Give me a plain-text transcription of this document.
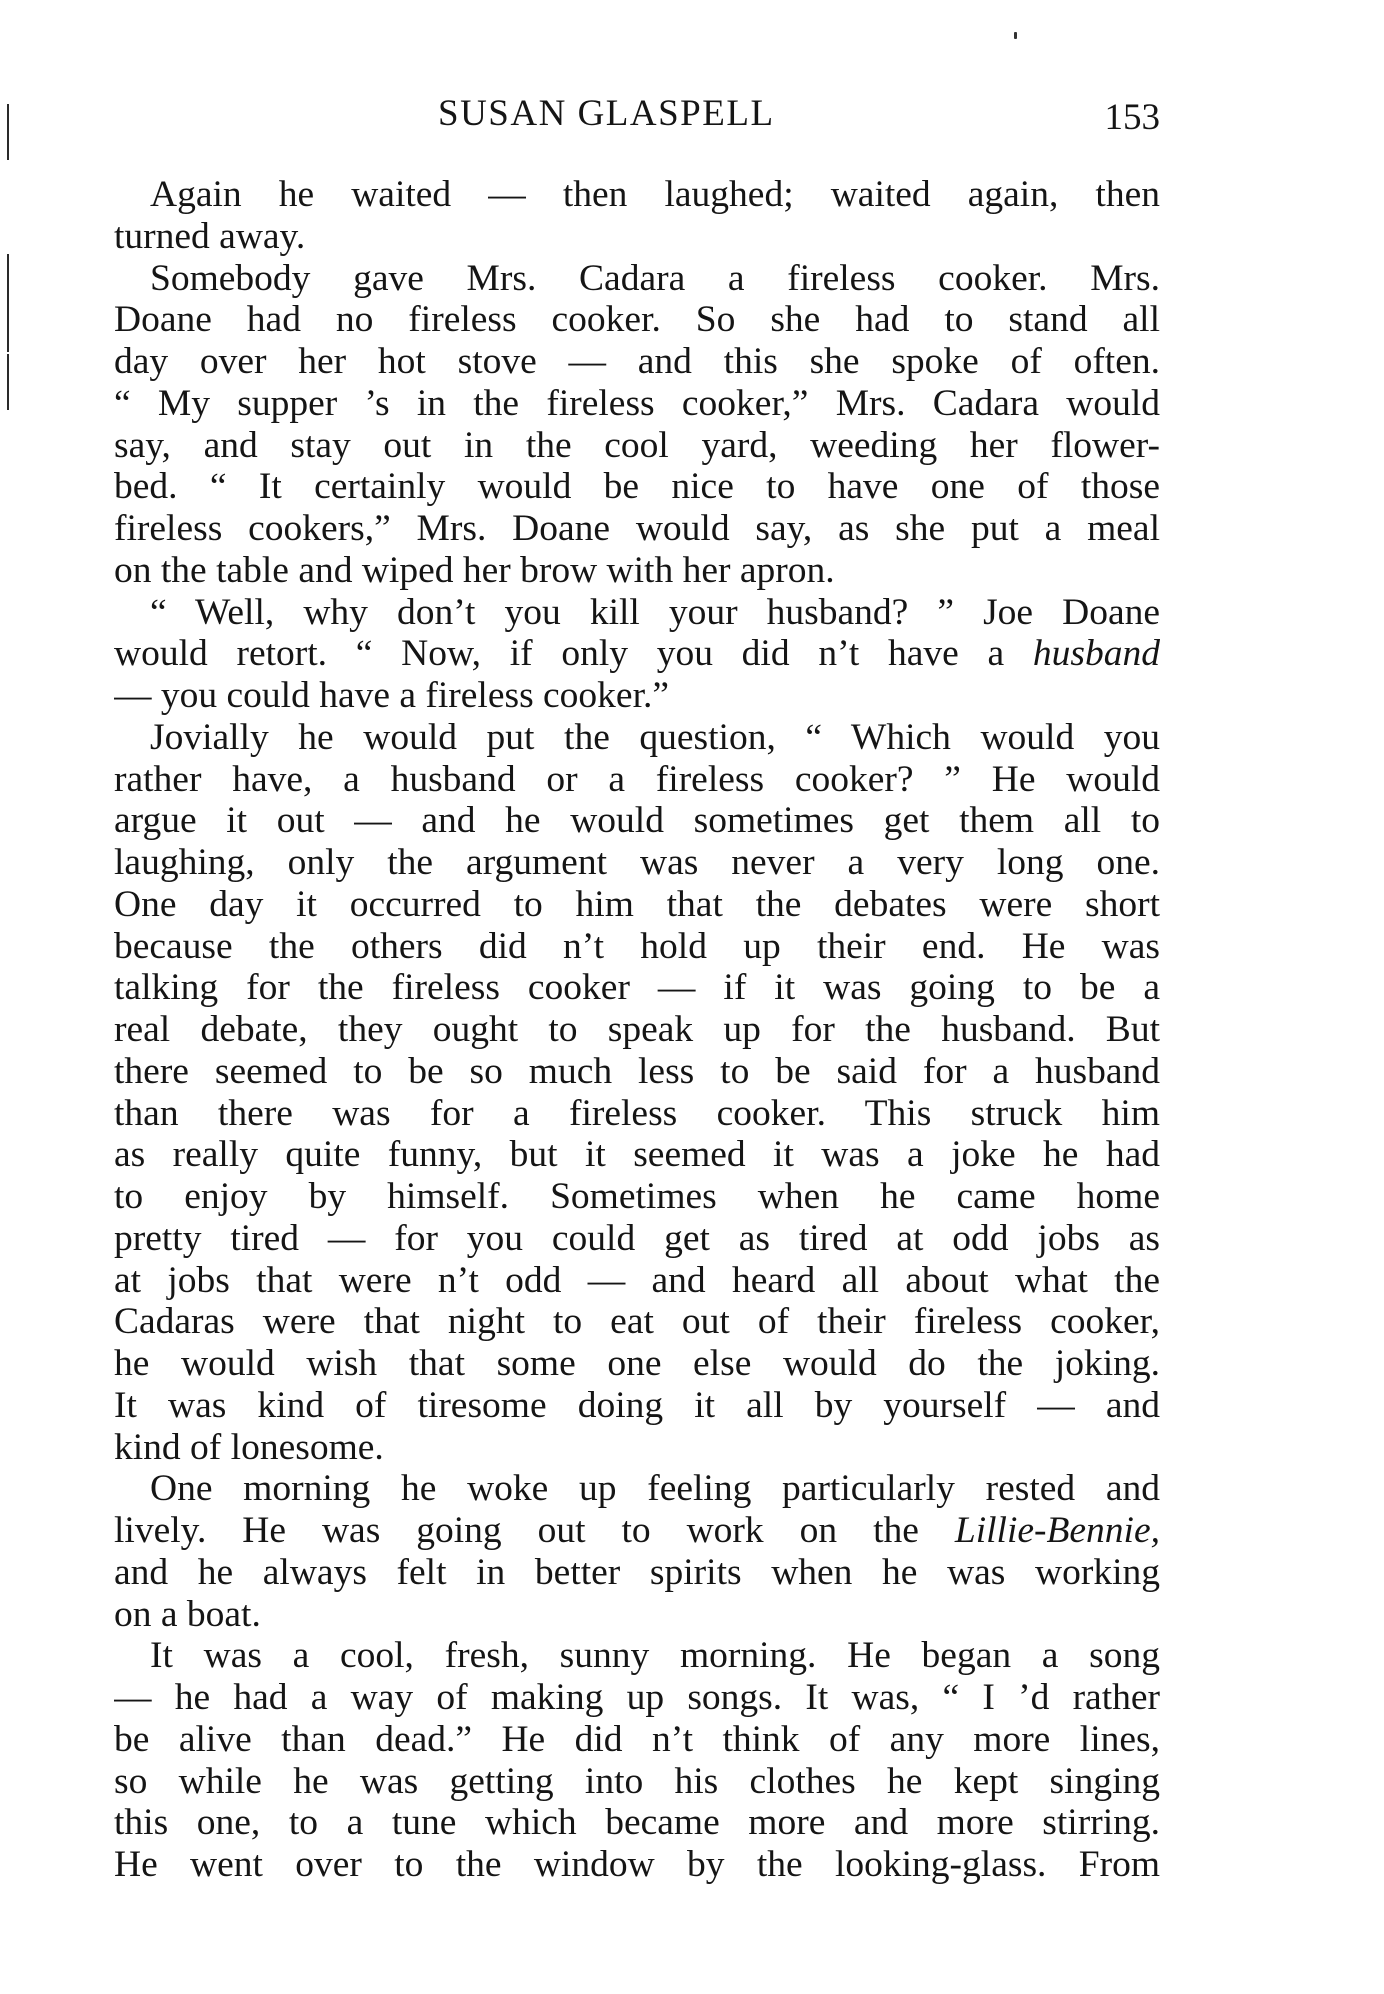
SUSAN GLASPELL	153
Again he waited — then laughed; waited again, then
turned away.
Somebody gave Mrs. Cadara a fireless cooker. Mrs.
Doane had no fireless cooker. So she had to stand all
day over her hot stove — and this she spoke of often.
“ My supper ’s in the fireless cooker,” Mrs. Cadara would
say, and stay out in the cool yard, weeding her flower-
bed. “ It certainly would be nice to have one of those
fireless cookers,” Mrs. Doane would say, as she put a meal
on the table and wiped her brow with her apron.
“ Well, why don’t you kill your husband? ” Joe Doane
would retort. “ Now, if only you did n’t have a husband
— you could have a fireless cooker.”
Jovially he would put the question, “ Which would you
rather have, a husband or a fireless cooker? ” He would
argue it out — and he would sometimes get them all to
laughing, only the argument was never a very long one.
One day it occurred to him that the debates were short
because the others did n’t hold up their end. He was
talking for the fireless cooker — if it was going to be a
real debate, they ought to speak up for the husband. But
there seemed to be so much less to be said for a husband
than there was for a fireless cooker. This struck him
as really quite funny, but it seemed it was a joke he had
to enjoy by himself. Sometimes when he came home
pretty tired — for you could get as tired at odd jobs as
at jobs that were n’t odd — and heard all about what the
Cadaras were that night to eat out of their fireless cooker,
he would wish that some one else would do the joking.
It was kind of tiresome doing it all by yourself — and
kind of lonesome.
One morning he woke up feeling particularly rested and
lively. He was going out to work on the Lillie-Bennie,
and he always felt in better spirits when he was working
on a boat.
It was a cool, fresh, sunny morning. He began a song
— he had a way of making up songs. It was, “ I ’d rather
be alive than dead.” He did n’t think of any more lines,
so while he was getting into his clothes he kept singing
this one, to a tune which became more and more stirring.
He went over to the window by the looking-glass. From
